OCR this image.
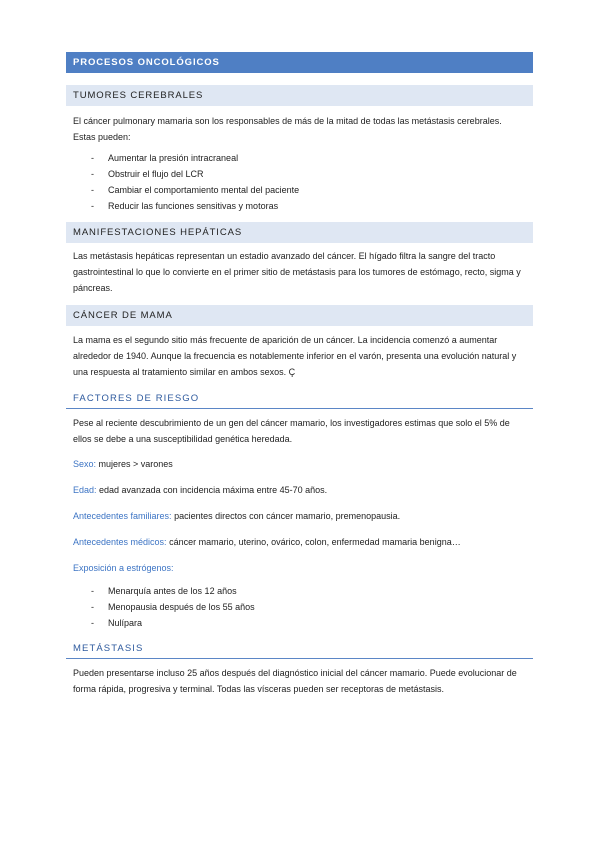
PROCESOS ONCOLÓGICOS
TUMORES CEREBRALES

El cáncer pulmonary mamaria son los responsables de más de la mitad de todas las metástasis cerebrales. Estas pueden:

- Aumentar la presión intracraneal
- Obstruir el flujo del LCR
- Cambiar el comportamiento mental del paciente
- Reducir las funciones sensitivas y motoras
MANIFESTACIONES HEPÁTICAS

Las metástasis hepáticas representan un estadio avanzado del cáncer. El hígado filtra la sangre del tracto gastrointestinal lo que lo convierte en el primer sitio de metástasis para los tumores de estómago, recto, sigma y páncreas.

CÁNCER DE MAMA

La mama es el segundo sitio más frecuente de aparición de un cáncer. La incidencia comenzó a aumentar alrededor de 1940. Aunque la frecuencia es notablemente inferior en el varón, presenta una evolución natural y una respuesta al tratamiento similar en ambos sexos. Ç

FACTORES DE RIESGO

Pese al reciente descubrimiento de un gen del cáncer mamario, los investigadores estimas que solo el 5% de ellos se debe a una susceptibilidad genética heredada.

Sexo: mujeres > varones

Edad: edad avanzada con incidencia máxima entre 45-70 años.

Antecedentes familiares: pacientes directos con cáncer mamario, premenopausia.

Antecedentes médicos: cáncer mamario, uterino, ovárico, colon, enfermedad mamaria benigna…

Exposición a estrógenos:

- Menarquía antes de los 12 años
- Menopausia después de los 55 años
- Nulípara
METÁSTASIS

Pueden presentarse incluso 25 años después del diagnóstico inicial del cáncer mamario. Puede evolucionar de forma rápida, progresiva y terminal. Todas las vísceras pueden ser receptoras de metástasis.
